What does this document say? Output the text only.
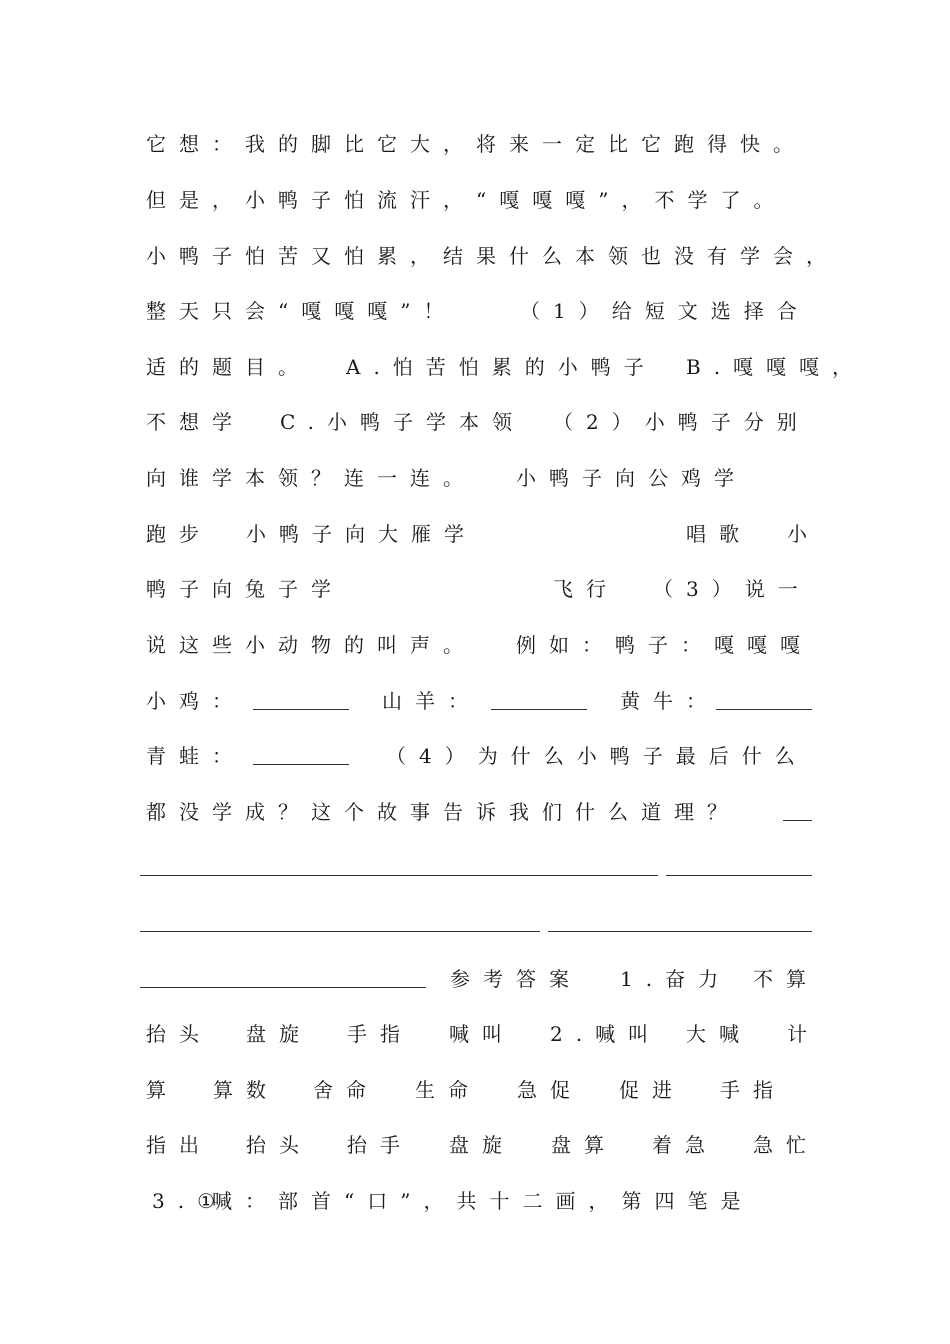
它想：我的脚比它大，将来一定比它跑得快。
但是，小鸭子怕流汗，“嘎嘎嘎”，不学了。
小鸭子怕苦又怕累，结果什么本领也没有学会，
整天只会“嘎嘎嘎”！	（1）给短文选择合
适的题目。 A.怕苦怕累的小鸭子 B.嘎嘎嘎，
不想学 C.小鸭子学本领 （2）小鸭子分别
向谁学本领？连一连。 小鸭子向公鸡学
跑步 小鸭子向大雁学	唱歌 小
鸭子向兔子学	飞行 （3）说一
说这些小动物的叫声。 例如：鸭子：嘎嘎嘎
小鸡：	山羊：	黄牛：
青蛙：	（4）为什么小鸭子最后什么
都没学成？这个故事告诉我们什么道理？
参考答案 1.奋力 不算
抬头 盘旋 手指 喊叫 2.喊叫 大喊 计
算 算数 舍命 生命 急促 促进 手指
指出 抬头 抬手 盘旋 盘算 着急 急忙
3.①
喊：部首“口”，共十二画，第四笔是
